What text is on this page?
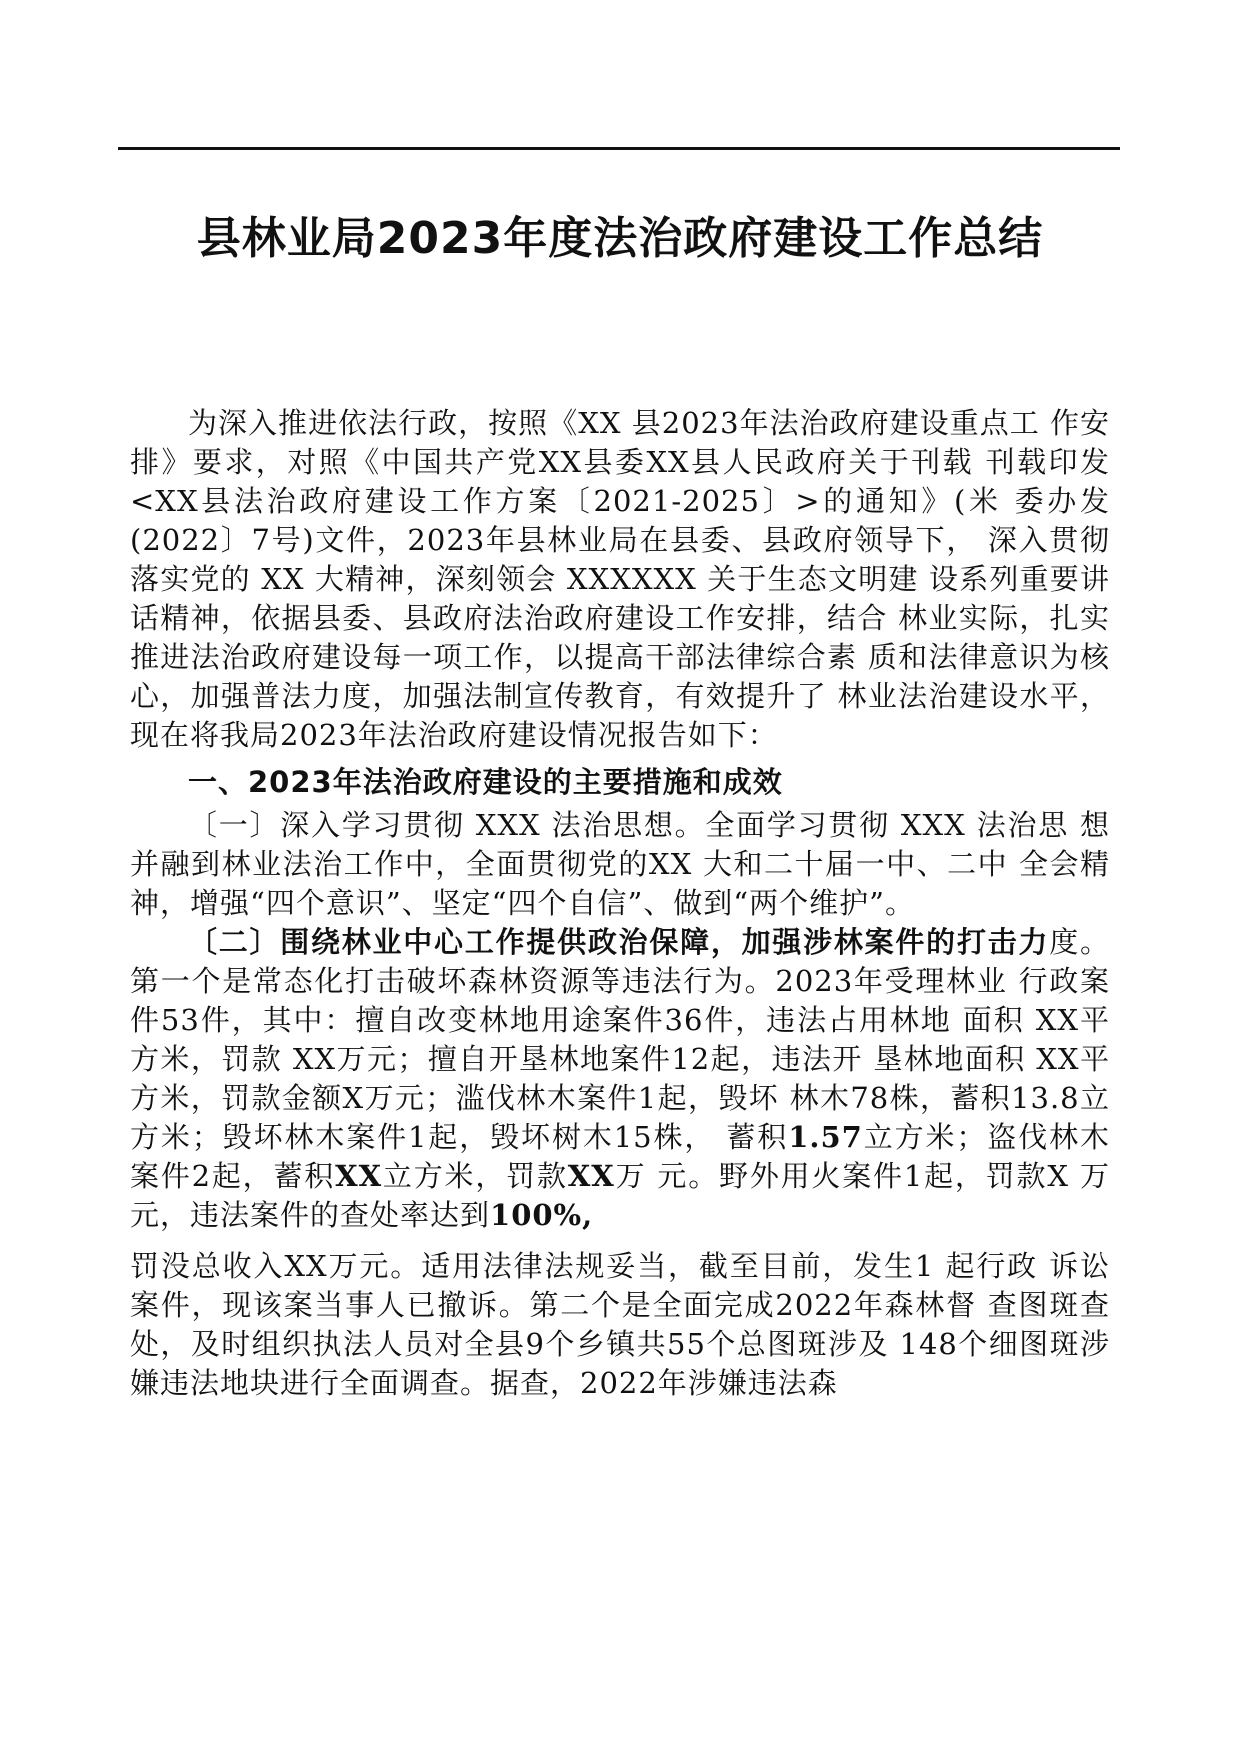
县林业局2023年度法治政府建设工作总结

为深入推进依法行政，按照《XX 县2023年法治政府建设重点工 作安排》要求，对照《中国共产党XX县委XX县人民政府关于刊载 刊载印发<XX县法治政府建设工作方案〔2021-2025〕>的通知》(米 委办发(2022〕7号)文件，2023年县林业局在县委、县政府领导下， 深入贯彻落实党的 XX 大精神，深刻领会 XXXXXX 关于生态文明建 设系列重要讲话精神，依据县委、县政府法治政府建设工作安排，结合 林业实际，扎实推进法治政府建设每一项工作，以提高干部法律综合素 质和法律意识为核心，加强普法力度，加强法制宣传教育，有效提升了 林业法治建设水平，现在将我局2023年法治政府建设情况报告如下：

一、2023年法治政府建设的主要措施和成效

〔一〕深入学习贯彻 XXX 法治思想。全面学习贯彻 XXX 法治思 想并融到林业法治工作中，全面贯彻党的XX 大和二十届一中、二中 全会精神，增强“四个意识”、坚定“四个自信”、做到“两个维护”。

〔二〕围绕林业中心工作提供政治保障，加强涉林案件的打击力度。第一个是常态化打击破坏森林资源等违法行为。2023年受理林业 行政案件53件，其中：擅自改变林地用途案件36件，违法占用林地 面积 XX平方米，罚款 XX万元；擅自开垦林地案件12起，违法开 垦林地面积 XX平方米，罚款金额X万元；滥伐林木案件1起，毁坏 林木78株，蓄积13.8立方米；毁坏林木案件1起，毁坏树木15株， 蓄积1.57立方米；盗伐林木案件2起，蓄积XX立方米，罚款XX万 元。野外用火案件1起，罚款X 万元，违法案件的查处率达到100%,

罚没总收入XX万元。适用法律法规妥当，截至目前，发生1 起行政 诉讼案件，现该案当事人已撤诉。第二个是全面完成2022年森林督 查图斑查处，及时组织执法人员对全县9个乡镇共55个总图斑涉及 148个细图斑涉嫌违法地块进行全面调查。据查，2022年涉嫌违法森
